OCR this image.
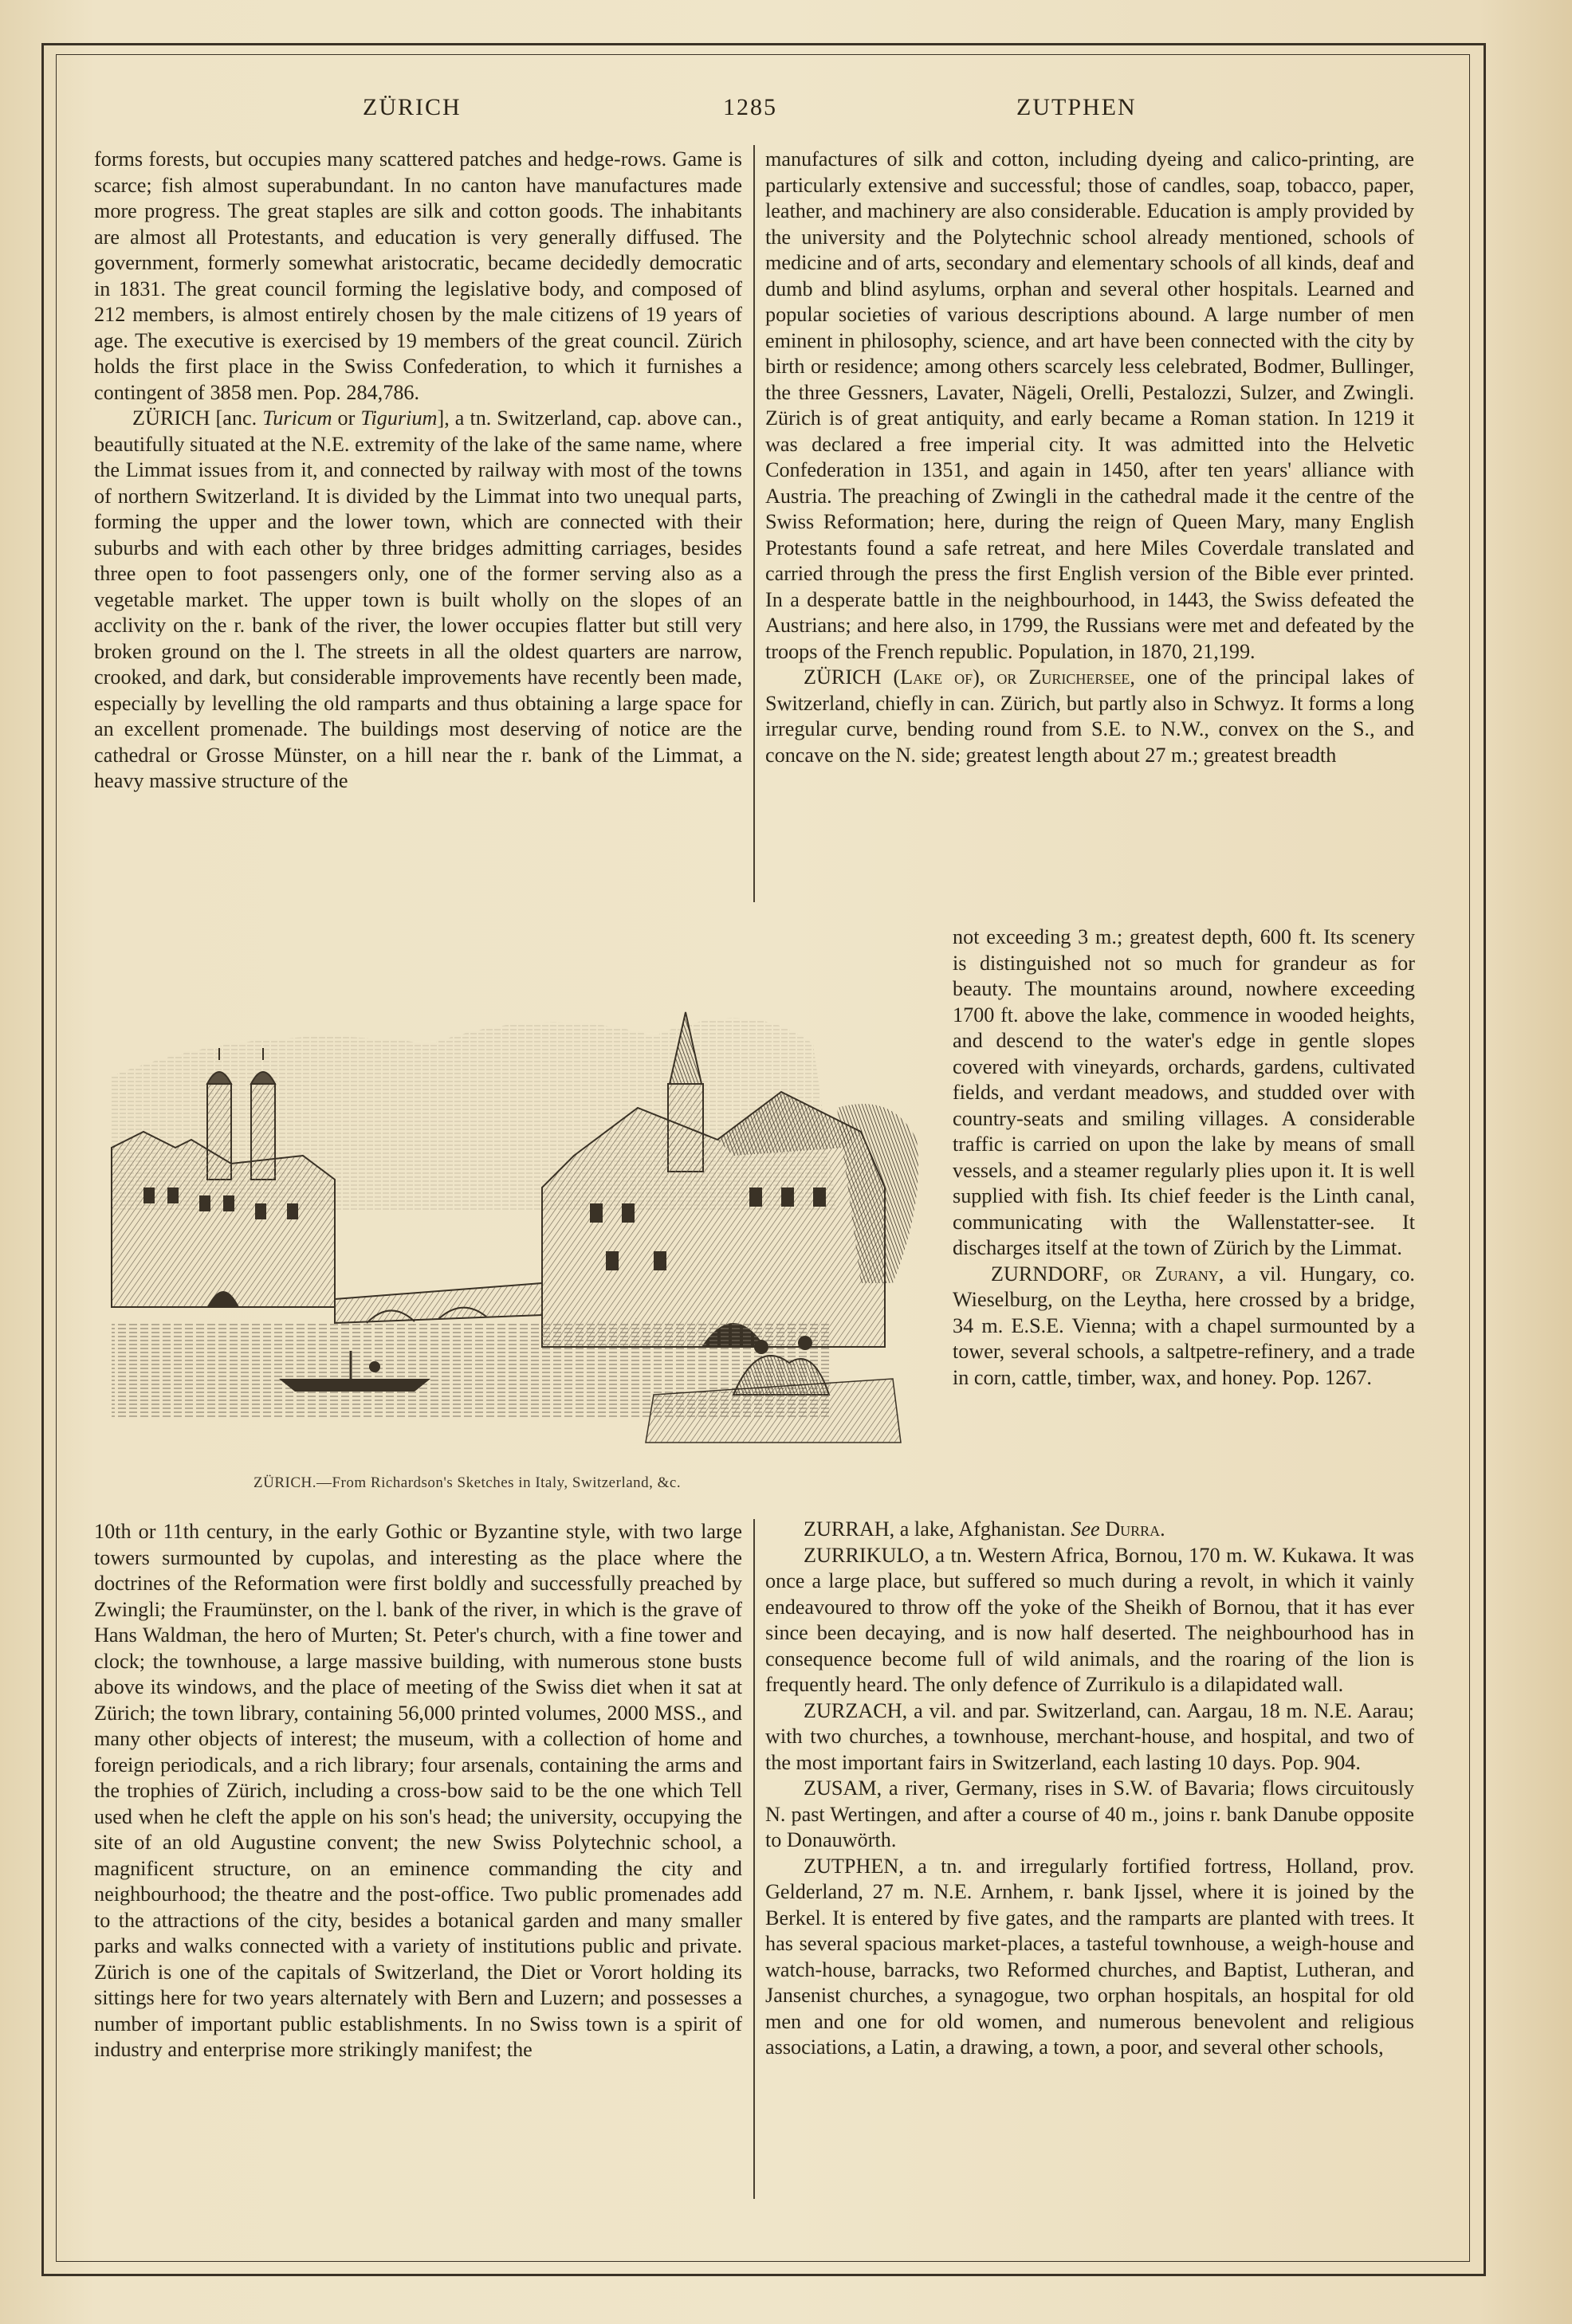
ZÜRICH	1285	ZUTPHEN

forms forests, but occupies many scattered patches and hedge-rows. Game is scarce; fish almost superabundant. In no canton have manufactures made more progress. The great staples are silk and cotton goods. The inhabitants are almost all Protestants, and education is very generally diffused. The government, formerly somewhat aristocratic, became decidedly democratic in 1831. The great council forming the legislative body, and composed of 212 members, is almost entirely chosen by the male citizens of 19 years of age. The executive is exercised by 19 members of the great council. Zürich holds the first place in the Swiss Confederation, to which it furnishes a contingent of 3858 men. Pop. 284,786.

ZÜRICH [anc. Turicum or Tigurium], a tn. Switzerland, cap. above can., beautifully situated at the N.E. extremity of the lake of the same name, where the Limmat issues from it, and connected by railway with most of the towns of northern Switzerland. It is divided by the Limmat into two unequal parts, forming the upper and the lower town, which are connected with their suburbs and with each other by three bridges admitting carriages, besides three open to foot passengers only, one of the former serving also as a vegetable market. The upper town is built wholly on the slopes of an acclivity on the r. bank of the river, the lower occupies flatter but still very broken ground on the l. The streets in all the oldest quarters are narrow, crooked, and dark, but considerable improvements have recently been made, especially by levelling the old ramparts and thus obtaining a large space for an excellent promenade. The buildings most deserving of notice are the cathedral or Grosse Münster, on a hill near the r. bank of the Limmat, a heavy massive structure of the

manufactures of silk and cotton, including dyeing and calico-printing, are particularly extensive and successful; those of candles, soap, tobacco, paper, leather, and machinery are also considerable. Education is amply provided by the university and the Polytechnic school already mentioned, schools of medicine and of arts, secondary and elementary schools of all kinds, deaf and dumb and blind asylums, orphan and several other hospitals. Learned and popular societies of various descriptions abound. A large number of men eminent in philosophy, science, and art have been connected with the city by birth or residence; among others scarcely less celebrated, Bodmer, Bullinger, the three Gessners, Lavater, Nägeli, Orelli, Pestalozzi, Sulzer, and Zwingli. Zürich is of great antiquity, and early became a Roman station. In 1219 it was declared a free imperial city. It was admitted into the Helvetic Confederation in 1351, and again in 1450, after ten years' alliance with Austria. The preaching of Zwingli in the cathedral made it the centre of the Swiss Reformation; here, during the reign of Queen Mary, many English Protestants found a safe retreat, and here Miles Coverdale translated and carried through the press the first English version of the Bible ever printed. In a desperate battle in the neighbourhood, in 1443, the Swiss defeated the Austrians; and here also, in 1799, the Russians were met and defeated by the troops of the French republic. Population, in 1870, 21,199.

ZÜRICH (Lake of), or Zurichersee, one of the principal lakes of Switzerland, chiefly in can. Zürich, but partly also in Schwyz. It forms a long irregular curve, bending round from S.E. to N.W., convex on the S., and concave on the N. side; greatest length about 27 m.; greatest breadth

not exceeding 3 m.; greatest depth, 600 ft. Its scenery is distinguished not so much for grandeur as for beauty. The mountains around, nowhere exceeding 1700 ft. above the lake, commence in wooded heights, and descend to the water's edge in gentle slopes covered with vineyards, orchards, gardens, cultivated fields, and verdant meadows, and studded over with country-seats and smiling villages. A considerable traffic is carried on upon the lake by means of small vessels, and a steamer regularly plies upon it. It is well supplied with fish. Its chief feeder is the Linth canal, communicating with the Wallenstatter-see. It discharges itself at the town of Zürich by the Limmat.

ZURNDORF, or Zurany, a vil. Hungary, co. Wieselburg, on the Leytha, here crossed by a bridge, 34 m. E.S.E. Vienna; with a chapel surmounted by a tower, several schools, a saltpetre-refinery, and a trade in corn, cattle, timber, wax, and honey. Pop. 1267.

ZÜRICH.—From Richardson's Sketches in Italy, Switzerland, &c.

10th or 11th century, in the early Gothic or Byzantine style, with two large towers surmounted by cupolas, and interesting as the place where the doctrines of the Reformation were first boldly and successfully preached by Zwingli; the Fraumünster, on the l. bank of the river, in which is the grave of Hans Waldman, the hero of Murten; St. Peter's church, with a fine tower and clock; the townhouse, a large massive building, with numerous stone busts above its windows, and the place of meeting of the Swiss diet when it sat at Zürich; the town library, containing 56,000 printed volumes, 2000 MSS., and many other objects of interest; the museum, with a collection of home and foreign periodicals, and a rich library; four arsenals, containing the arms and the trophies of Zürich, including a cross-bow said to be the one which Tell used when he cleft the apple on his son's head; the university, occupying the site of an old Augustine convent; the new Swiss Polytechnic school, a magnificent structure, on an eminence commanding the city and neighbourhood; the theatre and the post-office. Two public promenades add to the attractions of the city, besides a botanical garden and many smaller parks and walks connected with a variety of institutions public and private. Zürich is one of the capitals of Switzerland, the Diet or Vorort holding its sittings here for two years alternately with Bern and Luzern; and possesses a number of important public establishments. In no Swiss town is a spirit of industry and enterprise more strikingly manifest; the

ZURRAH, a lake, Afghanistan. See Durra.

ZURRIKULO, a tn. Western Africa, Bornou, 170 m. W. Kukawa. It was once a large place, but suffered so much during a revolt, in which it vainly endeavoured to throw off the yoke of the Sheikh of Bornou, that it has ever since been decaying, and is now half deserted. The neighbourhood has in consequence become full of wild animals, and the roaring of the lion is frequently heard. The only defence of Zurrikulo is a dilapidated wall.

ZURZACH, a vil. and par. Switzerland, can. Aargau, 18 m. N.E. Aarau; with two churches, a townhouse, merchant-house, and hospital, and two of the most important fairs in Switzerland, each lasting 10 days. Pop. 904.

ZUSAM, a river, Germany, rises in S.W. of Bavaria; flows circuitously N. past Wertingen, and after a course of 40 m., joins r. bank Danube opposite to Donauwörth.

ZUTPHEN, a tn. and irregularly fortified fortress, Holland, prov. Gelderland, 27 m. N.E. Arnhem, r. bank Ijssel, where it is joined by the Berkel. It is entered by five gates, and the ramparts are planted with trees. It has several spacious market-places, a tasteful townhouse, a weigh-house and watch-house, barracks, two Reformed churches, and Baptist, Lutheran, and Jansenist churches, a synagogue, two orphan hospitals, an hospital for old men and one for old women, and numerous benevolent and religious associations, a Latin, a drawing, a town, a poor, and several other schools,
